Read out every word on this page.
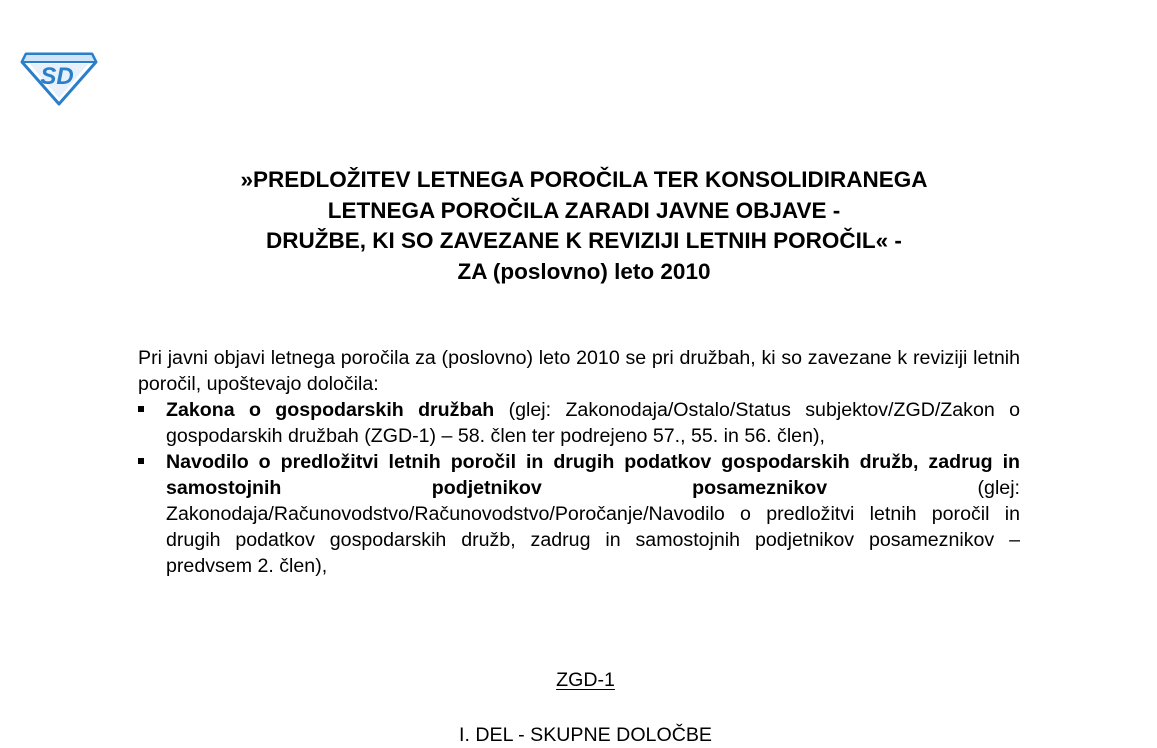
SD
»PREDLOŽITEV LETNEGA POROČILA TER KONSOLIDIRANEGA
LETNEGA POROČILA ZARADI JAVNE OBJAVE -
DRUŽBE, KI SO ZAVEZANE K REVIZIJI LETNIH POROČIL« -
ZA (poslovno) leto 2010

Pri javni objavi letnega poročila za (poslovno) leto 2010 se pri družbah, ki so zavezane k reviziji letnih poročil, upoštevajo določila:

Zakona o gospodarskih družbah (glej: Zakonodaja/Ostalo/Status subjektov/ZGD/Zakon o gospodarskih družbah (ZGD-1) – 58. člen ter podrejeno 57., 55. in 56. člen),
Navodilo o predložitvi letnih poročil in drugih podatkov gospodarskih družb, zadrug in samostojnih podjetnikov posameznikov (glej: Zakonodaja/Računovodstvo/Računovodstvo/Poročanje/Navodilo o predložitvi letnih poročil in drugih podatkov gospodarskih družb, zadrug in samostojnih podjetnikov posameznikov – predvsem 2. člen),

ZGD-1

I. DEL - SKUPNE DOLOČBE
